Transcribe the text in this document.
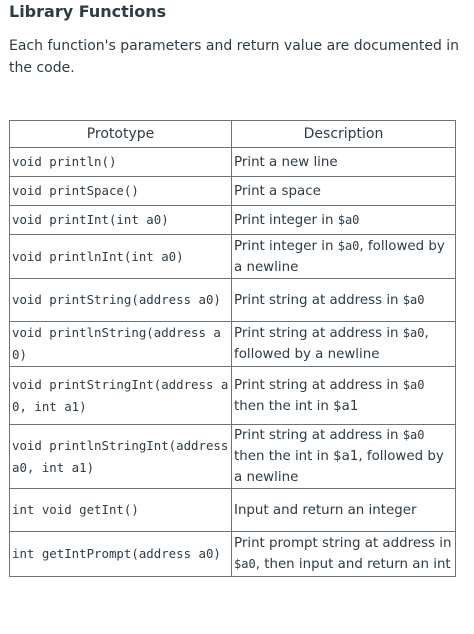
Library Functions

Each function's parameters and return value are documented in the code.

Prototype	Description
void println()	Print a new line
void printSpace()	Print a space
void printInt(int a0)	Print integer in $a0
void printlnInt(int a0)	Print integer in $a0, followed by a newline
void printString(address a0)	Print string at address in $a0
void printlnString(address a0)	Print string at address in $a0, followed by a newline
void printStringInt(address a0, int a1)	Print string at address in $a0 then the int in $a1
void printlnStringInt(address a0, int a1)	Print string at address in $a0 then the int in $a1, followed by a newline
int void getInt()	Input and return an integer
int getIntPrompt(address a0)	Print prompt string at address in $a0, then input and return an int
